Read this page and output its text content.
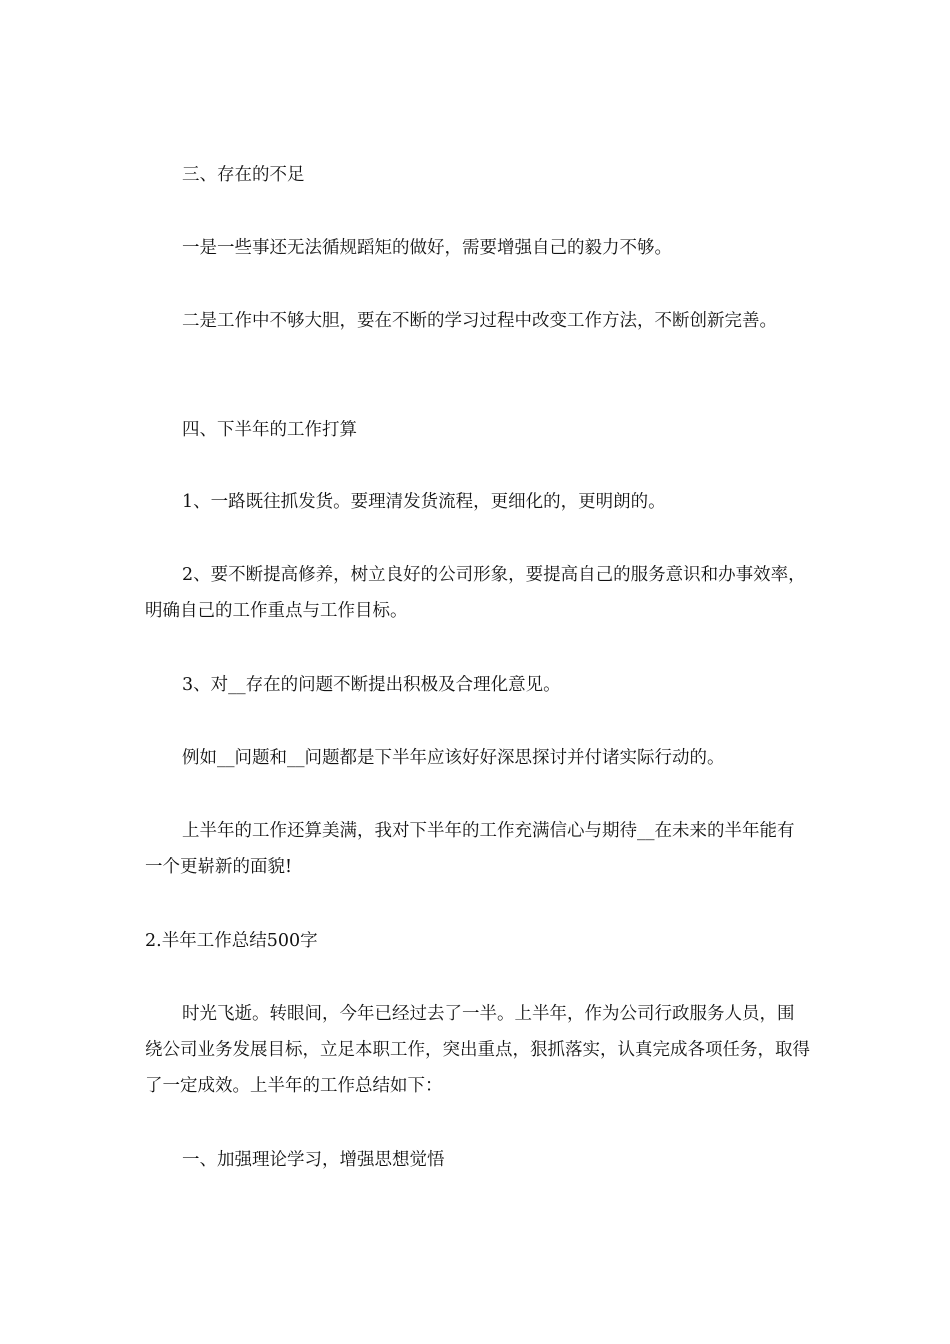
三、存在的不足

一是一些事还无法循规蹈矩的做好，需要增强自己的毅力不够。

二是工作中不够大胆，要在不断的学习过程中改变工作方法，不断创新完善。

四、下半年的工作打算

1、一路既往抓发货。要理清发货流程，更细化的，更明朗的。

2、要不断提高修养，树立良好的公司形象，要提高自己的服务意识和办事效率，明确自己的工作重点与工作目标。

3、对__存在的问题不断提出积极及合理化意见。

例如__问题和__问题都是下半年应该好好深思探讨并付诸实际行动的。

上半年的工作还算美满，我对下半年的工作充满信心与期待__在未来的半年能有一个更崭新的面貌!

2.半年工作总结500字

时光飞逝。转眼间，今年已经过去了一半。上半年，作为公司行政服务人员，围绕公司业务发展目标，立足本职工作，突出重点，狠抓落实，认真完成各项任务，取得了一定成效。上半年的工作总结如下：

一、加强理论学习，增强思想觉悟
